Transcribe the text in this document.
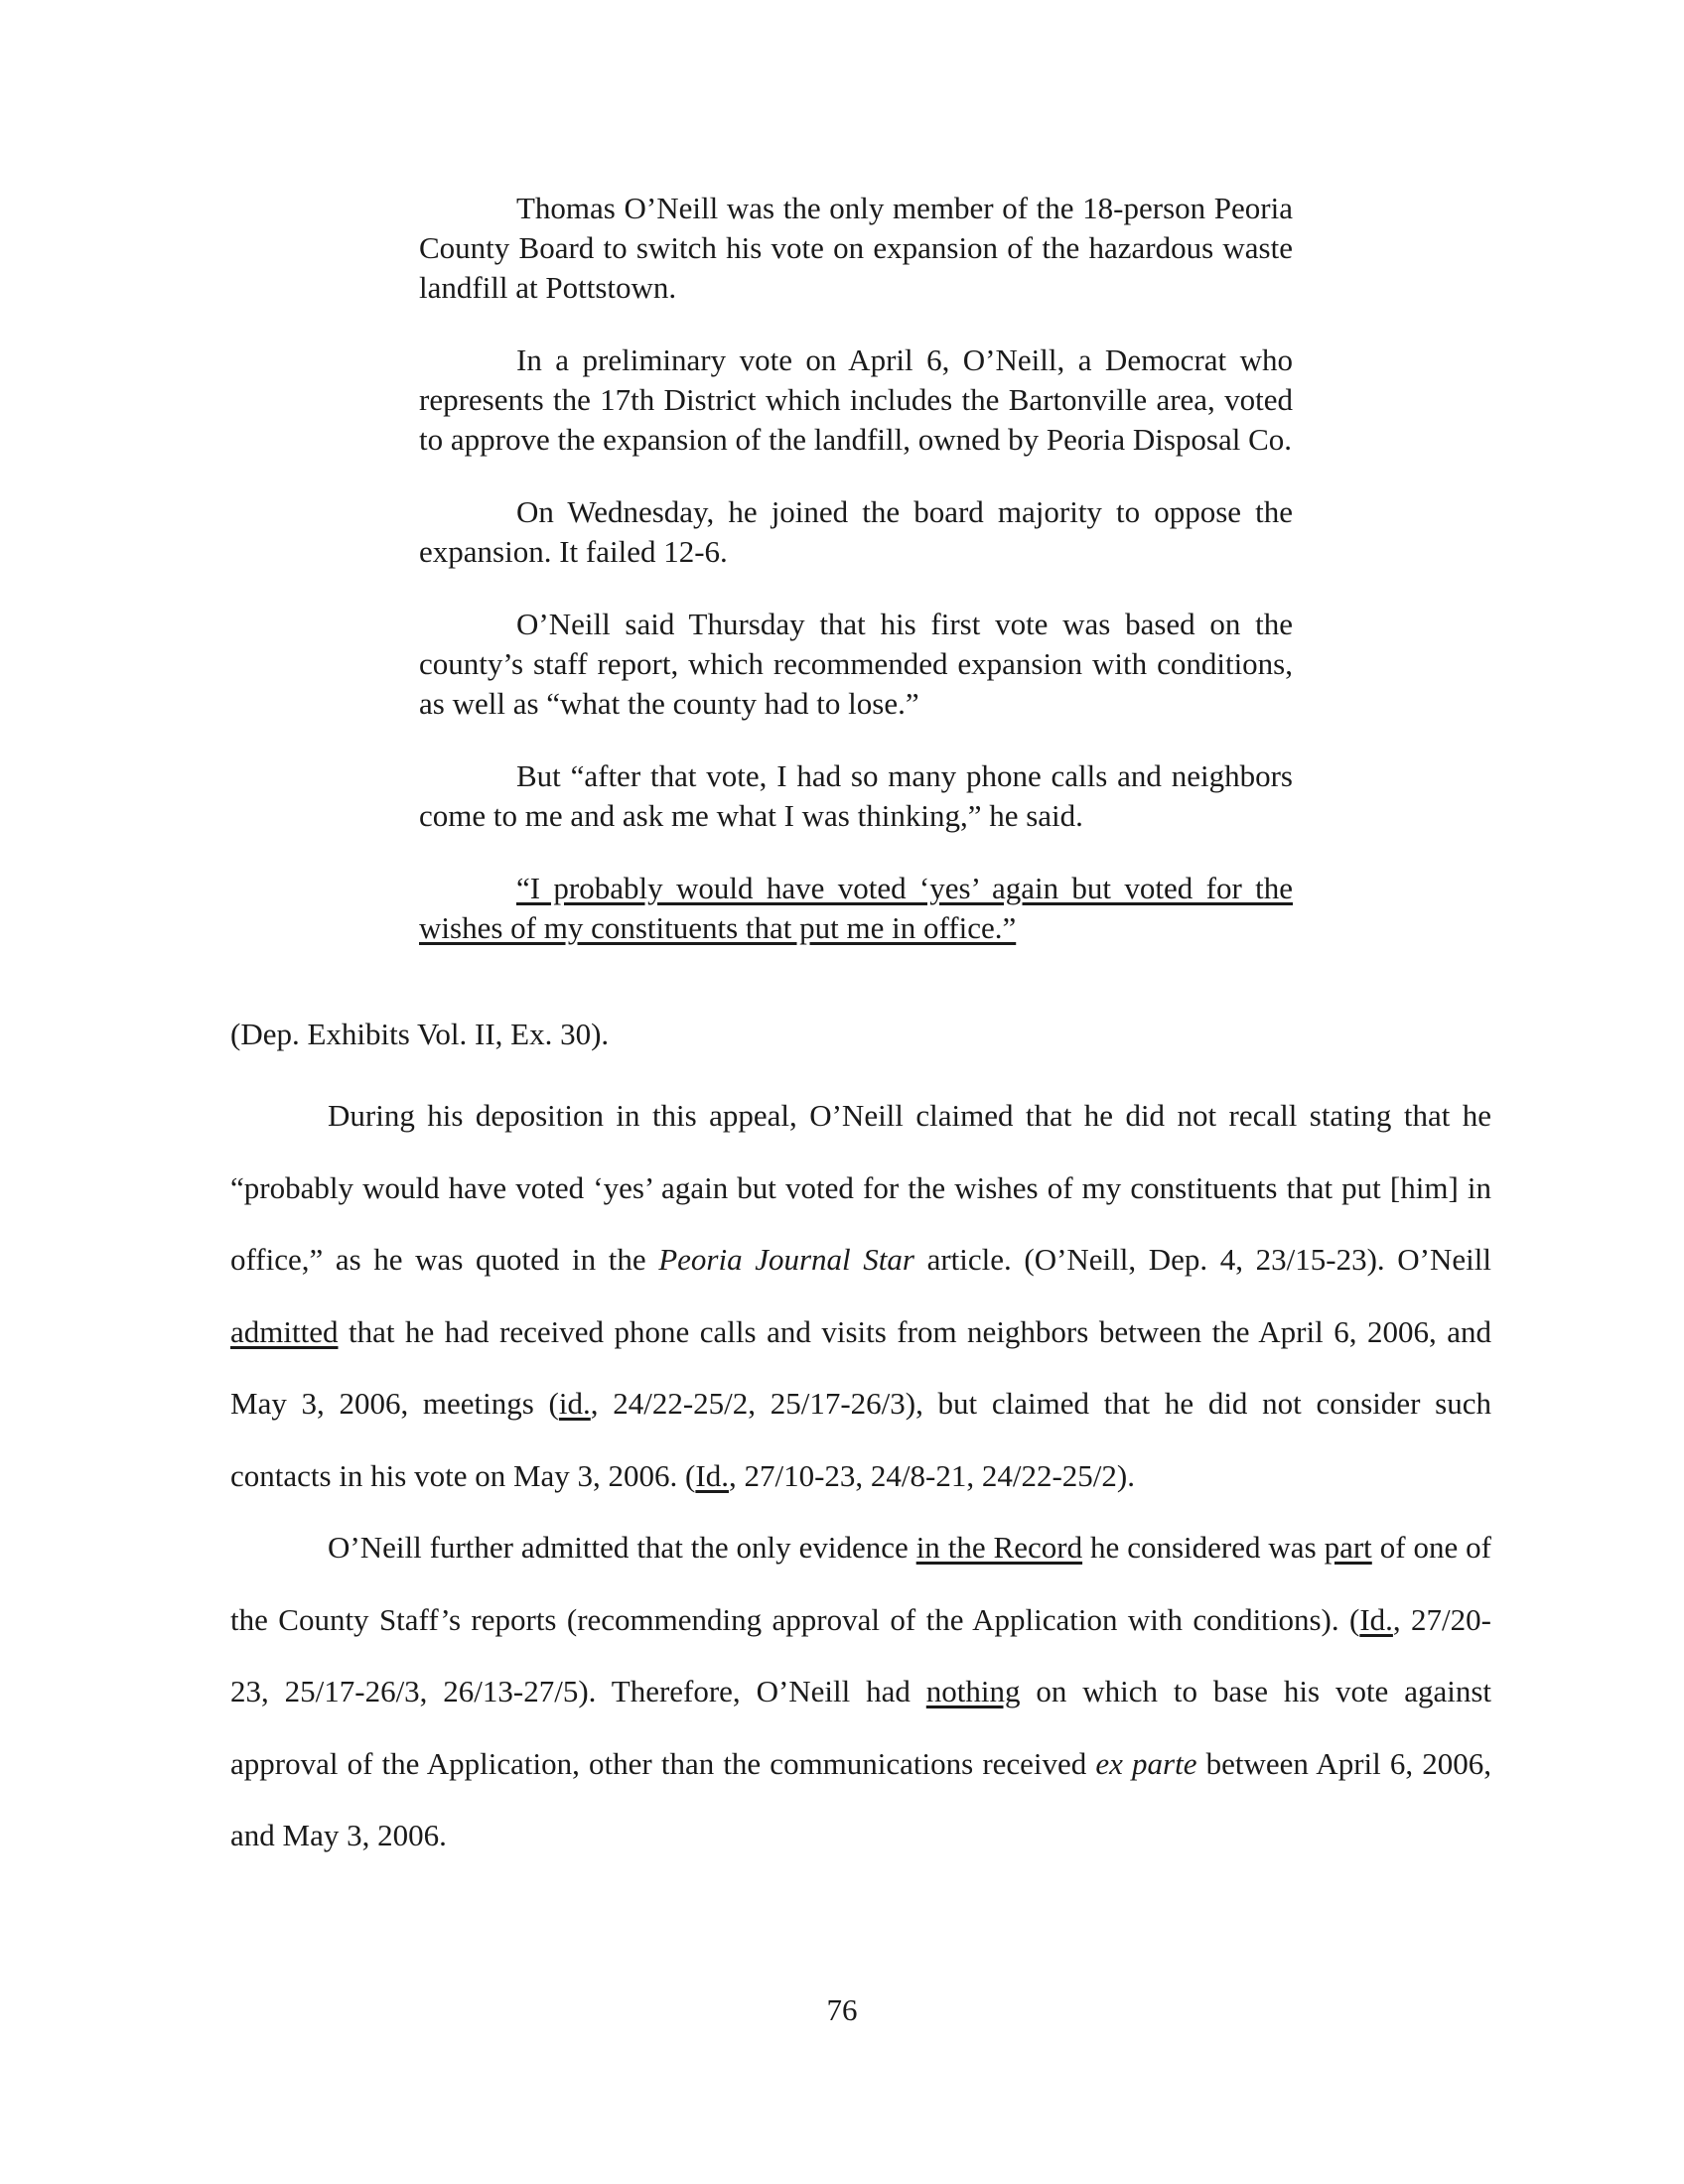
Thomas O’Neill was the only member of the 18-person Peoria County Board to switch his vote on expansion of the hazardous waste landfill at Pottstown.

In a preliminary vote on April 6, O’Neill, a Democrat who represents the 17th District which includes the Bartonville area, voted to approve the expansion of the landfill, owned by Peoria Disposal Co.

On Wednesday, he joined the board majority to oppose the expansion. It failed 12-6.

O’Neill said Thursday that his first vote was based on the county’s staff report, which recommended expansion with conditions, as well as “what the county had to lose.”

But “after that vote, I had so many phone calls and neighbors come to me and ask me what I was thinking,” he said.

“I probably would have voted ‘yes’ again but voted for the wishes of my constituents that put me in office.”

(Dep. Exhibits Vol. II, Ex. 30).

During his deposition in this appeal, O’Neill claimed that he did not recall stating that he “probably would have voted ‘yes’ again but voted for the wishes of my constituents that put [him] in office,” as he was quoted in the Peoria Journal Star article. (O’Neill, Dep. 4, 23/15-23). O’Neill admitted that he had received phone calls and visits from neighbors between the April 6, 2006, and May 3, 2006, meetings (id., 24/22-25/2, 25/17-26/3), but claimed that he did not consider such contacts in his vote on May 3, 2006. (Id., 27/10-23, 24/8-21, 24/22-25/2).

O’Neill further admitted that the only evidence in the Record he considered was part of one of the County Staff’s reports (recommending approval of the Application with conditions). (Id., 27/20-23, 25/17-26/3, 26/13-27/5). Therefore, O’Neill had nothing on which to base his vote against approval of the Application, other than the communications received ex parte between April 6, 2006, and May 3, 2006.

76
